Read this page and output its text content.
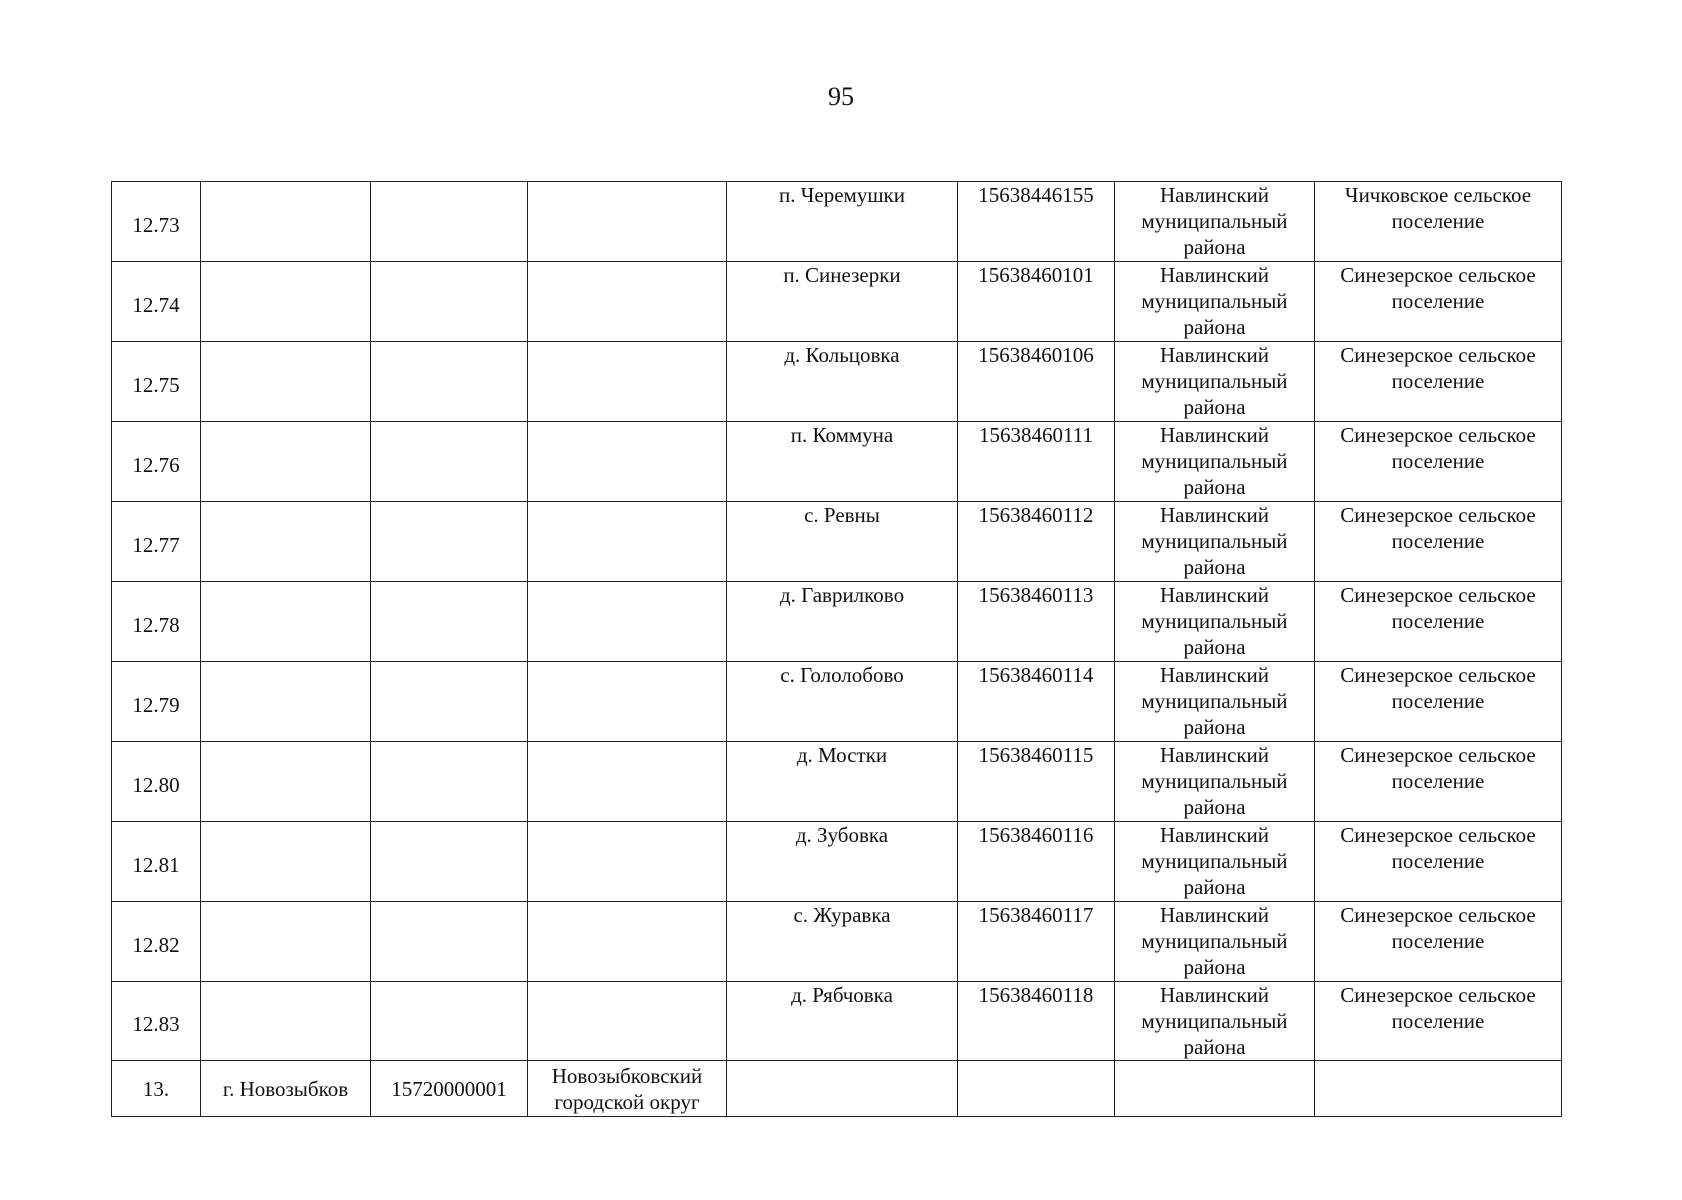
95
12.73				п. Черемушки	15638446155	Навлинский муниципальный района	Чичковское сельское поселение
12.74				п. Синезерки	15638460101	Навлинский муниципальный района	Синезерское сельское поселение
12.75				д. Кольцовка	15638460106	Навлинский муниципальный района	Синезерское сельское поселение
12.76				п. Коммуна	15638460111	Навлинский муниципальный района	Синезерское сельское поселение
12.77				с. Ревны	15638460112	Навлинский муниципальный района	Синезерское сельское поселение
12.78				д. Гаврилково	15638460113	Навлинский муниципальный района	Синезерское сельское поселение
12.79				с. Гололобово	15638460114	Навлинский муниципальный района	Синезерское сельское поселение
12.80				д. Мостки	15638460115	Навлинский муниципальный района	Синезерское сельское поселение
12.81				д. Зубовка	15638460116	Навлинский муниципальный района	Синезерское сельское поселение
12.82				с. Журавка	15638460117	Навлинский муниципальный района	Синезерское сельское поселение
12.83				д. Рябчовка	15638460118	Навлинский муниципальный района	Синезерское сельское поселение
13.	г. Новозыбков	15720000001	Новозыбковский городской округ				
